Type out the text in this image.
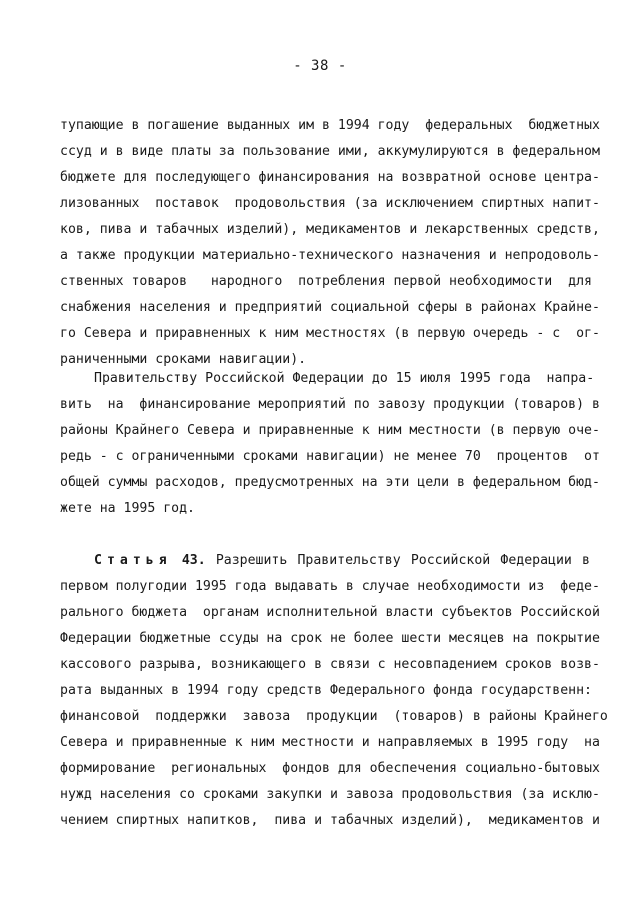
- 38 -
тупающие в погашение выданных им в 1994 году  федеральных  бюджетных
ссуд и в виде платы за пользование ими, аккумулируются в федеральном
бюджете для последующего финансирования на возвратной основе центра-
лизованных  поставок  продовольствия (за исключением спиртных напит-
ков, пива и табачных изделий), медикаментов и лекарственных средств,
а также продукции материально-технического назначения и непродоволь-
ственных товаров   народного  потребления первой необходимости  для
снабжения населения и предприятий социальной сферы в районах Крайне-
го Севера и приравненных к ним местностях (в первую очередь - с  ог-
раниченными сроками навигации).
Правительству Российской Федерации до 15 июля 1995 года  напра-
вить  на  финансирование мероприятий по завозу продукции (товаров) в
районы Крайнего Севера и приравненные к ним местности (в первую оче-
редь - с ограниченными сроками навигации) не менее 70  процентов  от
общей суммы расходов, предусмотренных на эти цели в федеральном бюд-
жете на 1995 год.
Статья 43. Разрешить Правительству Российской Федерации в
первом полугодии 1995 года выдавать в случае необходимости из  феде-
рального бюджета  органам исполнительной власти субъектов Российской
Федерации бюджетные ссуды на срок не более шести месяцев на покрытие
кассового разрыва, возникающего в связи с несовпадением сроков возв-
рата выданных в 1994 году средств Федерального фонда государственн:
финансовой  поддержки  завоза  продукции  (товаров) в районы Крайнего
Севера и приравненные к ним местности и направляемых в 1995 году  на
формирование  региональных  фондов для обеспечения социально-бытовых
нужд населения со сроками закупки и завоза продовольствия (за исклю-
чением спиртных напитков,  пива и табачных изделий),  медикаментов и
